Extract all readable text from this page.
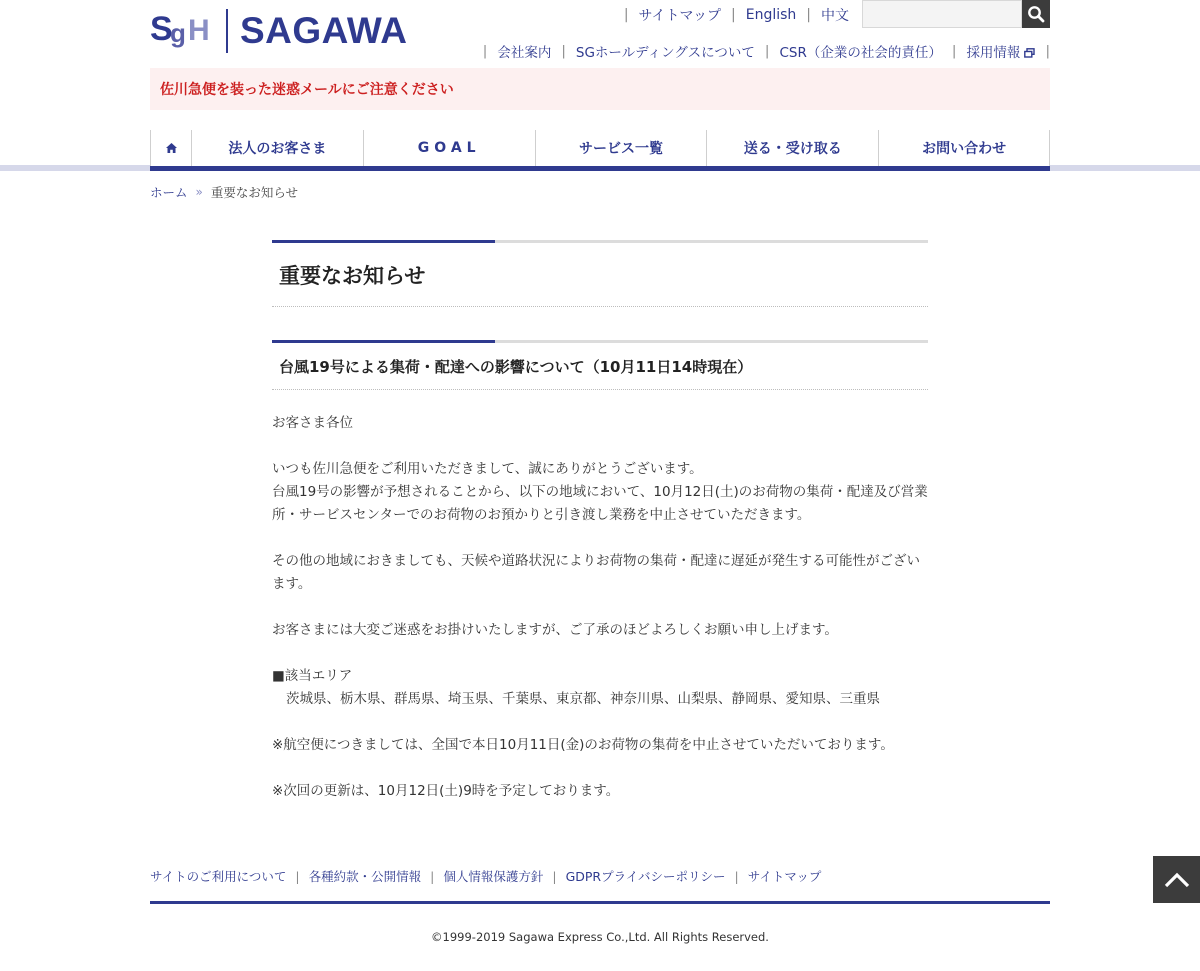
S g H SAGAWA	| サイトマップ | English | 中文
| 会社案内 | SGホールディングスについて | CSR（企業の社会的責任） | 採用情報	|
佐川急便を装った迷惑メールにご注意ください
法人のお客さま	GOAL	サービス一覧	送る・受け取る	お問い合わせ
ホーム » 重要なお知らせ
重要なお知らせ
台風19号による集荷・配達への影響について（10月11日14時現在）

お客さま各位

いつも佐川急便をご利用いただきまして、誠にありがとうございます。

台風19号の影響が予想されることから、以下の地域において、10月12日(土)のお荷物の集荷・配達及び営業所・サービスセンターでのお荷物のお預かりと引き渡し業務を中止させていただきます。

その他の地域におきましても、天候や道路状況によりお荷物の集荷・配達に遅延が発生する可能性がございます。

お客さまには大変ご迷惑をお掛けいたしますが、ご了承のほどよろしくお願い申し上げます。

■該当エリア

茨城県、栃木県、群馬県、埼玉県、千葉県、東京都、神奈川県、山梨県、静岡県、愛知県、三重県

※航空便につきましては、全国で本日10月11日(金)のお荷物の集荷を中止させていただいております。

※次回の更新は、10月12日(土)9時を予定しております。

サイトのご利用について | 各種約款・公開情報 | 個人情報保護方針 | GDPRプライバシーポリシー | サイトマップ
©1999-2019 Sagawa Express Co.,Ltd. All Rights Reserved.
